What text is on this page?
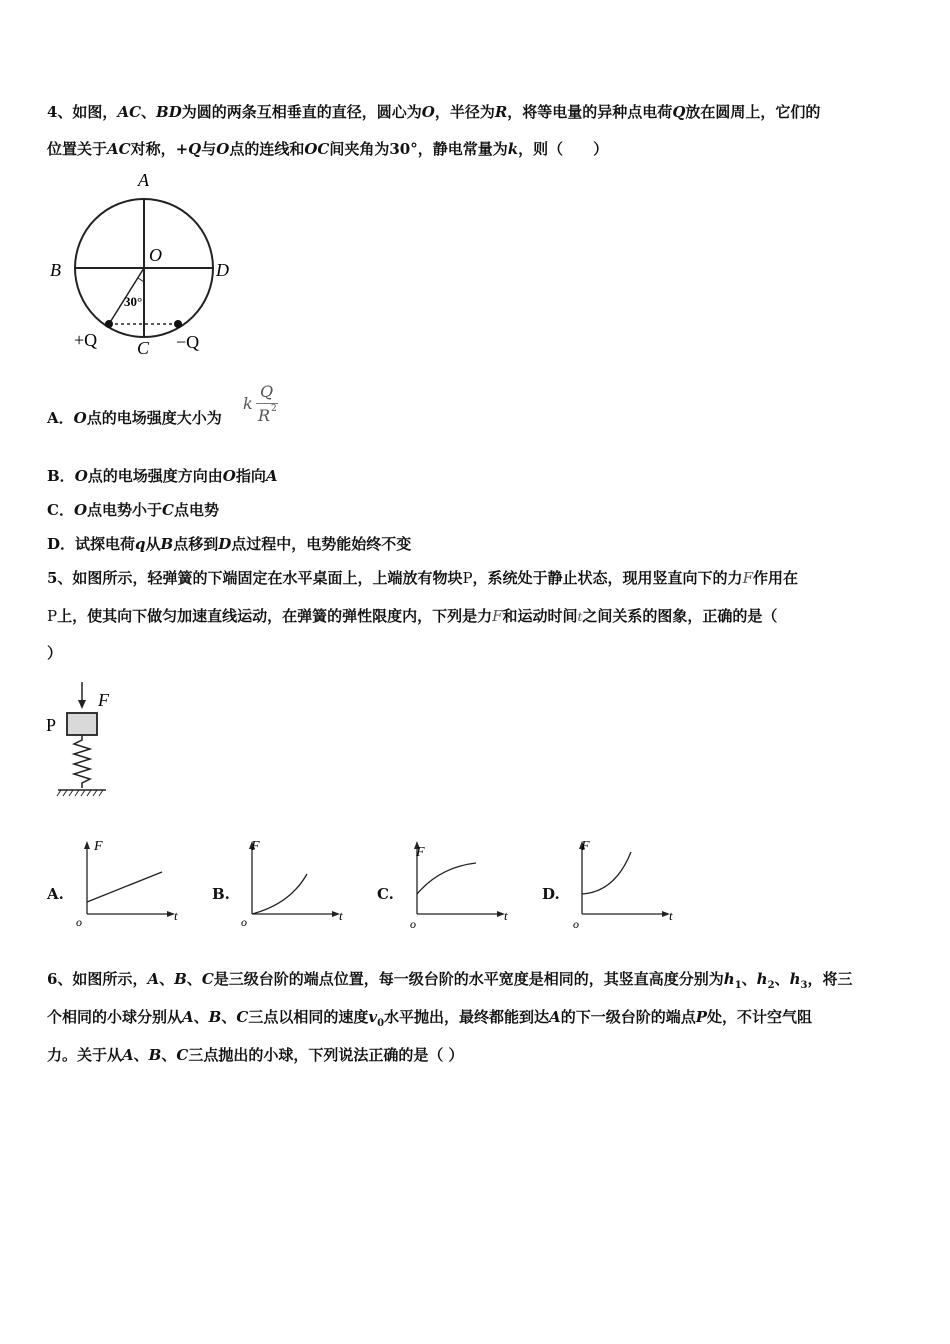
4、如图，AC、BD为圆的两条互相垂直的直径，圆心为O，半径为R，将等电量的异种点电荷Q放在圆周上，它们的
位置关于AC对称，+Q与O点的连线和OC间夹角为30°，静电常量为k，则（　　）
A
B	D
O
30°
+Q C −Q
A．O点的电场强度大小为
k
Q
R 2
B．O点的电场强度方向由O指向A
C．O点电势小于C点电势
D．试探电荷q从B点移到D点过程中，电势能始终不变
5、如图所示，轻弹簧的下端固定在水平桌面上，上端放有物块P，系统处于静止状态，现用竖直向下的力F作用在
P上，使其向下做匀加速直线运动，在弹簧的弹性限度内，下列是力F和运动时间t之间关系的图象，正确的是（
）
P
F
A.
F
t
o
B.
F
t
o
C.
F
t
o
D.
F
t
o
6、如图所示，A、B、C是三级台阶的端点位置，每一级台阶的水平宽度是相同的，其竖直高度分别为$h_1$、$h_2$、$h_3$，将三
个相同的小球分别从A、B、C三点以相同的速度$v_0$水平抛出，最终都能到达A的下一级台阶的端点P处，不计空气阻
力。关于从A、B、C三点抛出的小球，下列说法正确的是（ ）
